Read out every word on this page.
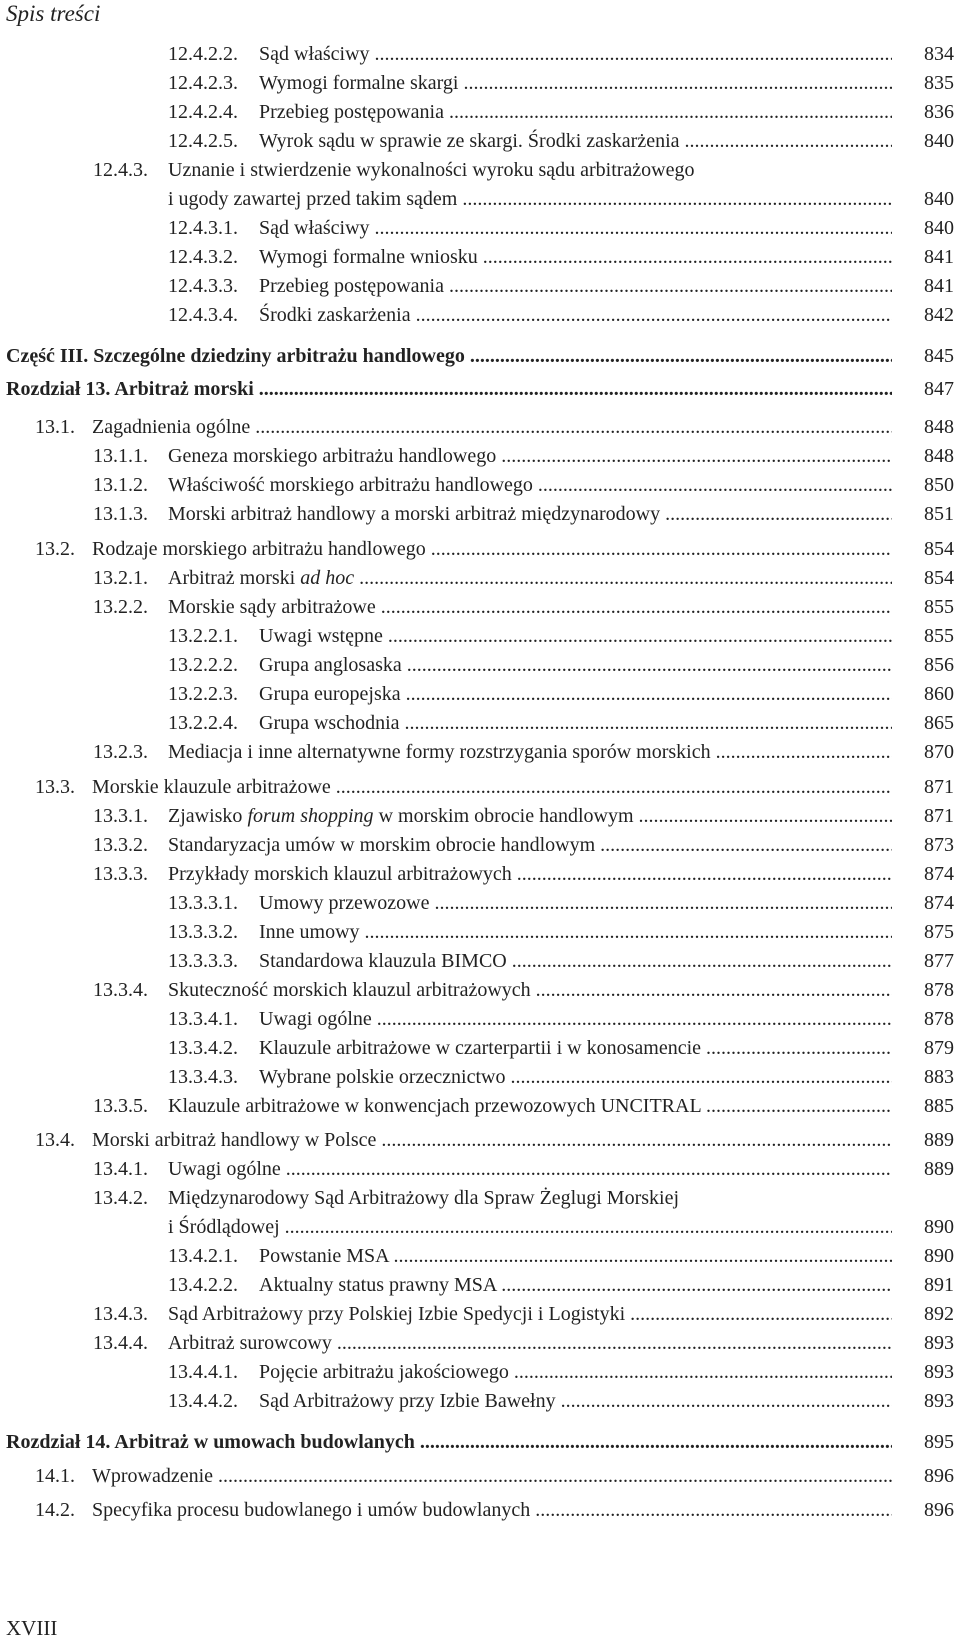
Spis treści
12.4.2.2. Sąd właściwy .....	834
12.4.2.3. Wymogi formalne skargi .....	835
12.4.2.4. Przebieg postępowania .....	836
12.4.2.5. Wyrok sądu w sprawie ze skargi. Środki zaskarżenia .....	840
12.4.3. Uznanie i stwierdzenie wykonalności wyroku sądu arbitrażowego
i ugody zawartej przed takim sądem .....	840
12.4.3.1. Sąd właściwy .....	840
12.4.3.2. Wymogi formalne wniosku .....	841
12.4.3.3. Przebieg postępowania .....	841
12.4.3.4. Środki zaskarżenia .....	842
Część III. Szczególne dziedziny arbitrażu handlowego .....	845
Rozdział 13. Arbitraż morski .....	847
13.1. Zagadnienia ogólne .....	848
13.1.1. Geneza morskiego arbitrażu handlowego .....	848
13.1.2. Właściwość morskiego arbitrażu handlowego .....	850
13.1.3. Morski arbitraż handlowy a morski arbitraż międzynarodowy .....	851
13.2. Rodzaje morskiego arbitrażu handlowego .....	854
13.2.1. Arbitraż morski ad hoc .....	854
13.2.2. Morskie sądy arbitrażowe .....	855
13.2.2.1. Uwagi wstępne .....	855
13.2.2.2. Grupa anglosaska .....	856
13.2.2.3. Grupa europejska .....	860
13.2.2.4. Grupa wschodnia .....	865
13.2.3. Mediacja i inne alternatywne formy rozstrzygania sporów morskich .....	870
13.3. Morskie klauzule arbitrażowe .....	871
13.3.1. Zjawisko forum shopping w morskim obrocie handlowym .....	871
13.3.2. Standaryzacja umów w morskim obrocie handlowym .....	873
13.3.3. Przykłady morskich klauzul arbitrażowych .....	874
13.3.3.1. Umowy przewozowe .....	874
13.3.3.2. Inne umowy .....	875
13.3.3.3. Standardowa klauzula BIMCO .....	877
13.3.4. Skuteczność morskich klauzul arbitrażowych .....	878
13.3.4.1. Uwagi ogólne .....	878
13.3.4.2. Klauzule arbitrażowe w czarterpartii i w konosamencie .....	879
13.3.4.3. Wybrane polskie orzecznictwo .....	883
13.3.5. Klauzule arbitrażowe w konwencjach przewozowych UNCITRAL .....	885
13.4. Morski arbitraż handlowy w Polsce .....	889
13.4.1. Uwagi ogólne .....	889
13.4.2. Międzynarodowy Sąd Arbitrażowy dla Spraw Żeglugi Morskiej
i Śródlądowej .....	890
13.4.2.1. Powstanie MSA .....	890
13.4.2.2. Aktualny status prawny MSA .....	891
13.4.3. Sąd Arbitrażowy przy Polskiej Izbie Spedycji i Logistyki .....	892
13.4.4. Arbitraż surowcowy .....	893
13.4.4.1. Pojęcie arbitrażu jakościowego .....	893
13.4.4.2. Sąd Arbitrażowy przy Izbie Bawełny .....	893
Rozdział 14. Arbitraż w umowach budowlanych .....	895
14.1. Wprowadzenie .....	896
14.2. Specyfika procesu budowlanego i umów budowlanych .....	896
XVIII
